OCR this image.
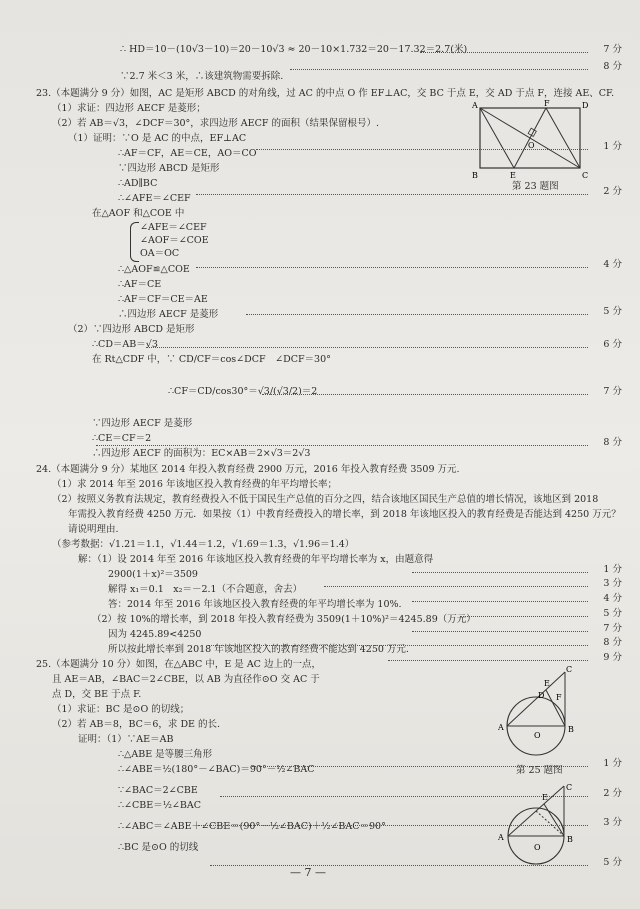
∴ HD＝10－(10√3－10)＝20－10√3 ≈ 20－10×1.732＝20－17.32＝2.7(米)
∵2.7 米＜3 米，∴该建筑物需要拆除.
23.（本题满分 9 分）如图，AC 是矩形 ABCD 的对角线，过 AC 的中点 O 作 EF⊥AC，交 BC 于点 E，交 AD 于点 F，连接 AE、CF.
（1）求证：四边形 AECF 是菱形；
（2）若 AB＝√3，∠DCF＝30°，求四边形 AECF 的面积（结果保留根号）.
（1）证明：∵O 是 AC 的中点，EF⊥AC
∴AF＝CF，AE＝CE，AO＝CO
∵四边形 ABCD 是矩形
∴AD∥BC
∴∠AFE＝∠CEF
在△AOF 和△COE 中
∠AFE＝∠CEF
∠AOF＝∠COE
OA＝OC
∴△AOF≌△COE
∴AF＝CE
∴AF＝CF＝CE＝AE
∴四边形 AECF 是菱形
（2）∵四边形 ABCD 是矩形
∴CD＝AB＝√3
在 Rt△CDF 中，∵ CD/CF＝cos∠DCF　∠DCF＝30°
∴CF＝CD/cos30°＝√3/(√3/2)＝2
∵四边形 AECF 是菱形
∴CE＝CF＝2
∴四边形 AECF 的面积为：EC×AB＝2×√3＝2√3
24.（本题满分 9 分）某地区 2014 年投入教育经费 2900 万元，2016 年投入教育经费 3509 万元.
（1）求 2014 年至 2016 年该地区投入教育经费的年平均增长率；
（2）按照义务教育法规定，教育经费投入不低于国民生产总值的百分之四，结合该地区国民生产总值的增长情况，该地区到 2018
年需投入教育经费 4250 万元．如果按（1）中教育经费投入的增长率，到 2018 年该地区投入的教育经费是否能达到 4250 万元？
请说明理由.
（参考数据：√1.21＝1.1，√1.44＝1.2，√1.69＝1.3，√1.96＝1.4）
解：（1）设 2014 年至 2016 年该地区投入教育经费的年平均增长率为 x，由题意得
2900(1＋x)²＝3509
解得 x₁＝0.1　x₂＝－2.1（不合题意，舍去）
答：2014 年至 2016 年该地区投入教育经费的年平均增长率为 10%.
（2）按 10%的增长率，到 2018 年投入教育经费为 3509(1＋10%)²＝4245.89（万元）
因为 4245.89<4250
所以按此增长率到 2018 年该地区投入的教育经费不能达到 4250 万元.
25.（本题满分 10 分）如图，在△ABC 中，E 是 AC 边上的一点，
且 AE＝AB，∠BAC＝2∠CBE，以 AB 为直径作⊙O 交 AC 于
点 D，交 BE 于点 F.
（1）求证：BC 是⊙O 的切线；
（2）若 AB＝8，BC＝6，求 DE 的长.
证明：（1）∵AE＝AB
∴△ABE 是等腰三角形
∴∠ABE＝½(180°－∠BAC)＝90°－½∠BAC
∵∠BAC＝2∠CBE
∴∠CBE＝½∠BAC
∴∠ABC＝∠ABE＋∠CBE＝(90°－½∠BAC)＋½∠BAC＝90°
∴BC 是⊙O 的切线
7 分
8 分
1 分
2 分
4 分
5 分
6 分
7 分
8 分
1 分
3 分
4 分
5 分
7 分
8 分
9 分
1 分
2 分
3 分
5 分
A	D
B	C
E
F
O
第 23 题图
A	B
C
D
E
F
O
第 25 题图
A	B
C
E
O
— 7 —
